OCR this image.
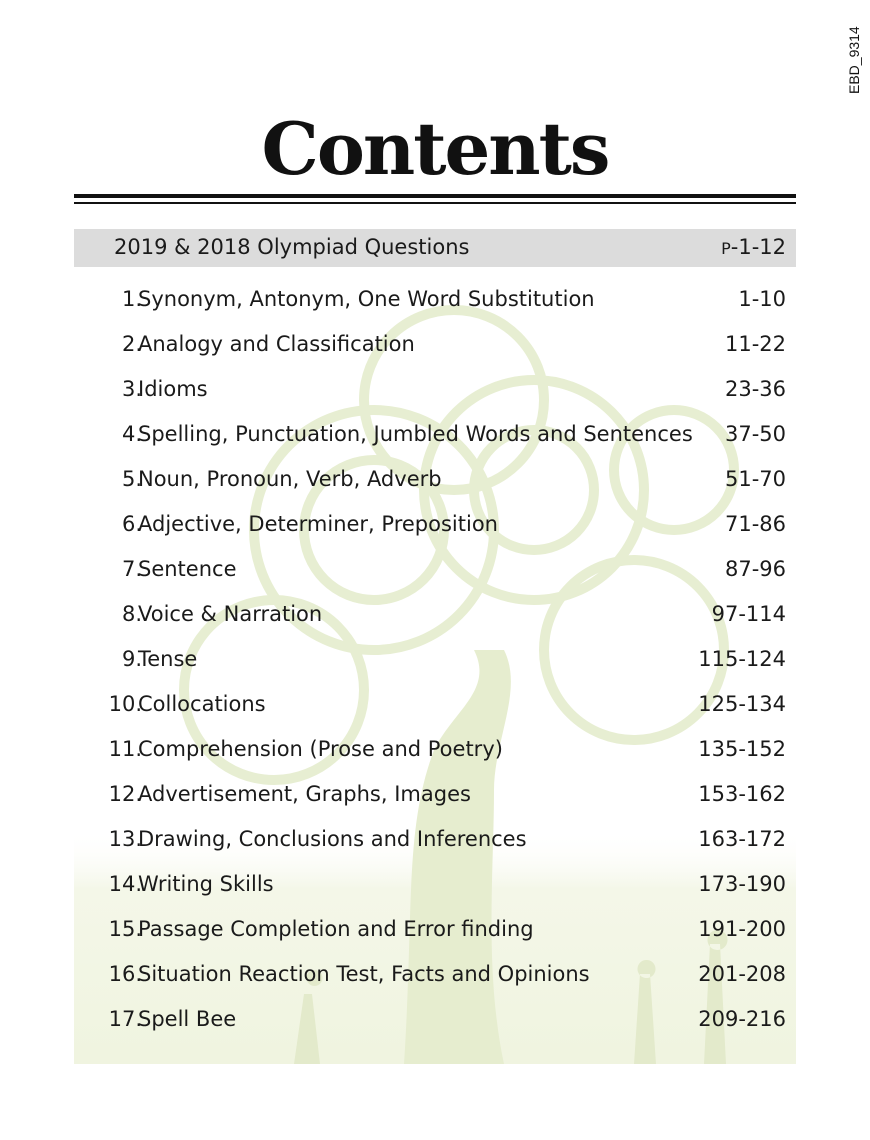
EBD_9314
Contents
2019 & 2018 Olympiad Questions	P-1-12
1.
Synonym, Antonym, One Word Substitution	1-10
2.
Analogy and Classification	11-22
3.
Idioms	23-36
4.
Spelling, Punctuation, Jumbled Words and Sentences 37-50
5.
Noun, Pronoun, Verb, Adverb	51-70
6.
Adjective, Determiner, Preposition	71-86
7.
Sentence	87-96
8.
Voice & Narration	97-114
9.
Tense	115-124
10.
Collocations	125-134
11.
Comprehension (Prose and Poetry)	135-152
12.
Advertisement, Graphs, Images	153-162
13.
Drawing, Conclusions and Inferences	163-172
14.
Writing Skills	173-190
15.
Passage Completion and Error finding	191-200
16.
Situation Reaction Test, Facts and Opinions	201-208
17.
Spell Bee	209-216
